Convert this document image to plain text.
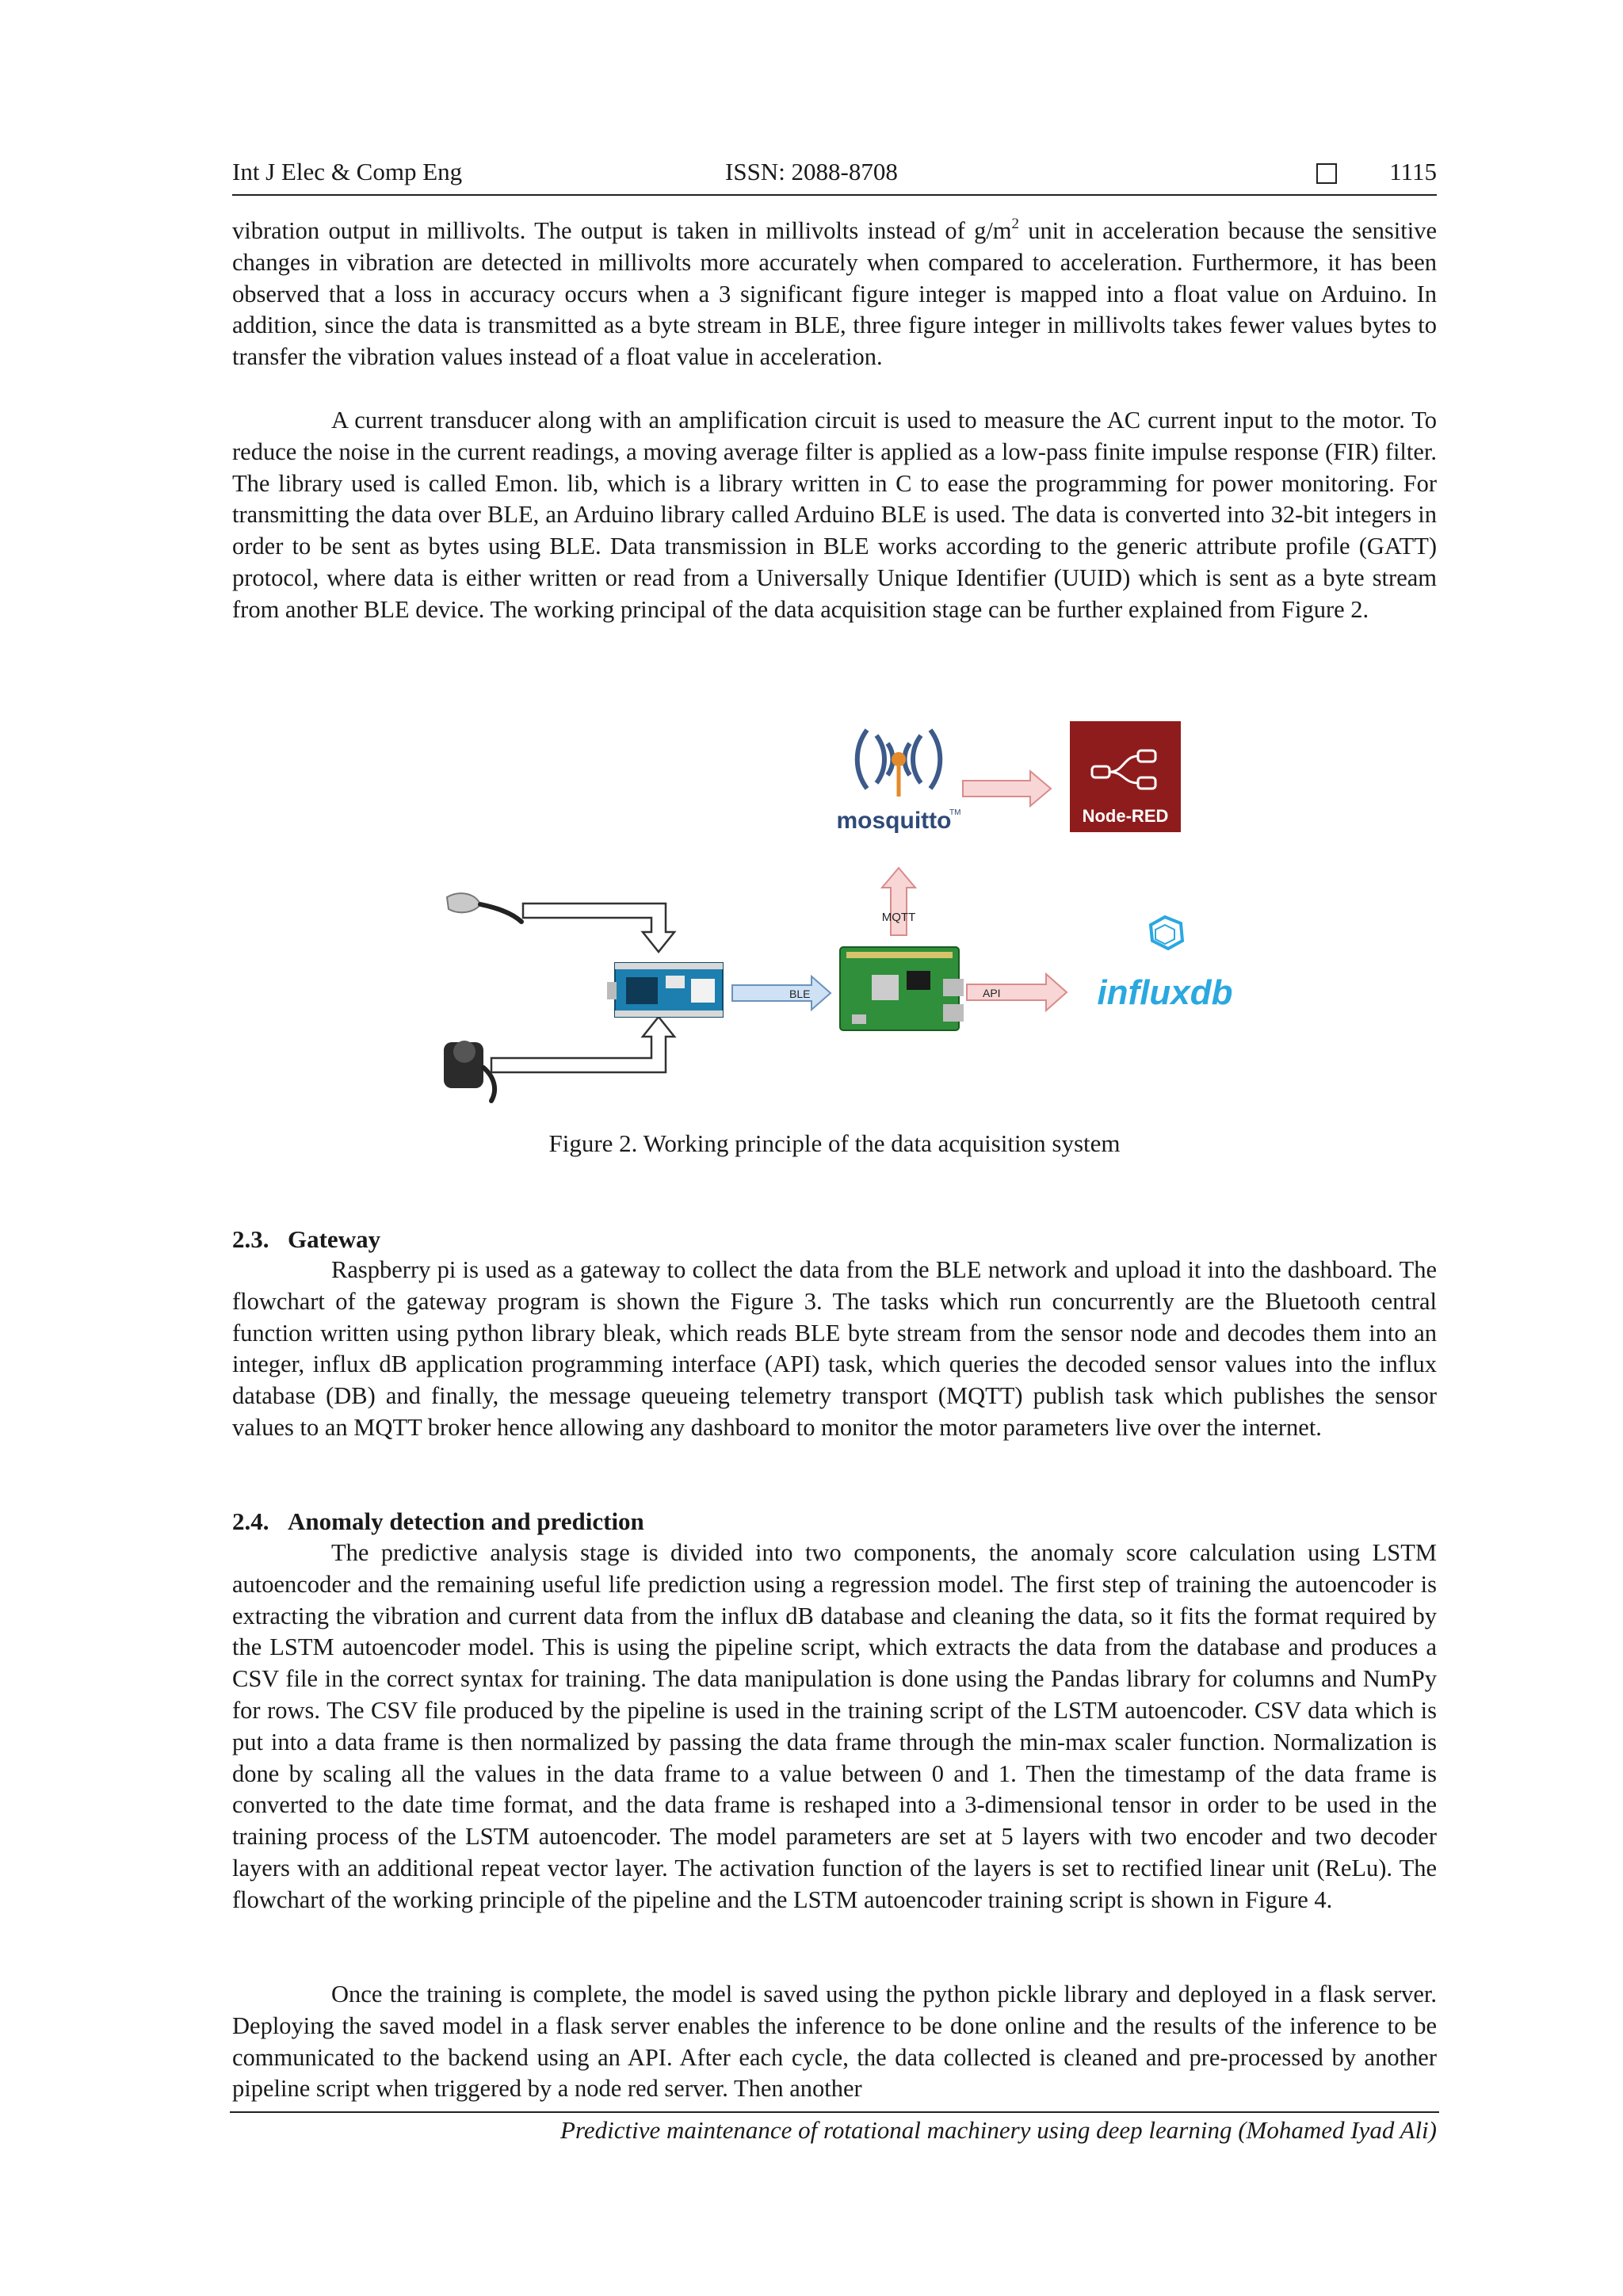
Int J Elec & Comp Eng	ISSN: 2088-8708	1115

vibration output in millivolts. The output is taken in millivolts instead of $g/m^2$ unit in acceleration because the sensitive changes in vibration are detected in millivolts more accurately when compared to acceleration. Furthermore, it has been observed that a loss in accuracy occurs when a 3 significant figure integer is mapped into a float value on Arduino. In addition, since the data is transmitted as a byte stream in BLE, three figure integer in millivolts takes fewer values bytes to transfer the vibration values instead of a float value in acceleration.

A current transducer along with an amplification circuit is used to measure the AC current input to the motor. To reduce the noise in the current readings, a moving average filter is applied as a low-pass finite impulse response (FIR) filter. The library used is called Emon. lib, which is a library written in C to ease the programming for power monitoring. For transmitting the data over BLE, an Arduino library called Arduino BLE is used. The data is converted into 32-bit integers in order to be sent as bytes using BLE. Data transmission in BLE works according to the generic attribute profile (GATT) protocol, where data is either written or read from a Universally Unique Identifier (UUID) which is sent as a byte stream from another BLE device. The working principal of the data acquisition stage can be further explained from Figure 2.

BLE
MQTT
API
mosquitto
TM	Node-RED
influxdb

Figure 2. Working principle of the data acquisition system

2.3. Gateway

Raspberry pi is used as a gateway to collect the data from the BLE network and upload it into the dashboard. The flowchart of the gateway program is shown the Figure 3. The tasks which run concurrently are the Bluetooth central function written using python library bleak, which reads BLE byte stream from the sensor node and decodes them into an integer, influx dB application programming interface (API) task, which queries the decoded sensor values into the influx database (DB) and finally, the message queueing telemetry transport (MQTT) publish task which publishes the sensor values to an MQTT broker hence allowing any dashboard to monitor the motor parameters live over the internet.

2.4. Anomaly detection and prediction

The predictive analysis stage is divided into two components, the anomaly score calculation using LSTM autoencoder and the remaining useful life prediction using a regression model. The first step of training the autoencoder is extracting the vibration and current data from the influx dB database and cleaning the data, so it fits the format required by the LSTM autoencoder model. This is using the pipeline script, which extracts the data from the database and produces a CSV file in the correct syntax for training. The data manipulation is done using the Pandas library for columns and NumPy for rows. The CSV file produced by the pipeline is used in the training script of the LSTM autoencoder. CSV data which is put into a data frame is then normalized by passing the data frame through the min-max scaler function. Normalization is done by scaling all the values in the data frame to a value between 0 and 1. Then the timestamp of the data frame is converted to the date time format, and the data frame is reshaped into a 3-dimensional tensor in order to be used in the training process of the LSTM autoencoder. The model parameters are set at 5 layers with two encoder and two decoder layers with an additional repeat vector layer. The activation function of the layers is set to rectified linear unit (ReLu). The flowchart of the working principle of the pipeline and the LSTM autoencoder training script is shown in Figure 4.

Once the training is complete, the model is saved using the python pickle library and deployed in a flask server. Deploying the saved model in a flask server enables the inference to be done online and the results of the inference to be communicated to the backend using an API. After each cycle, the data collected is cleaned and pre-processed by another pipeline script when triggered by a node red server. Then another

Predictive maintenance of rotational machinery using deep learning (Mohamed Iyad Ali)
